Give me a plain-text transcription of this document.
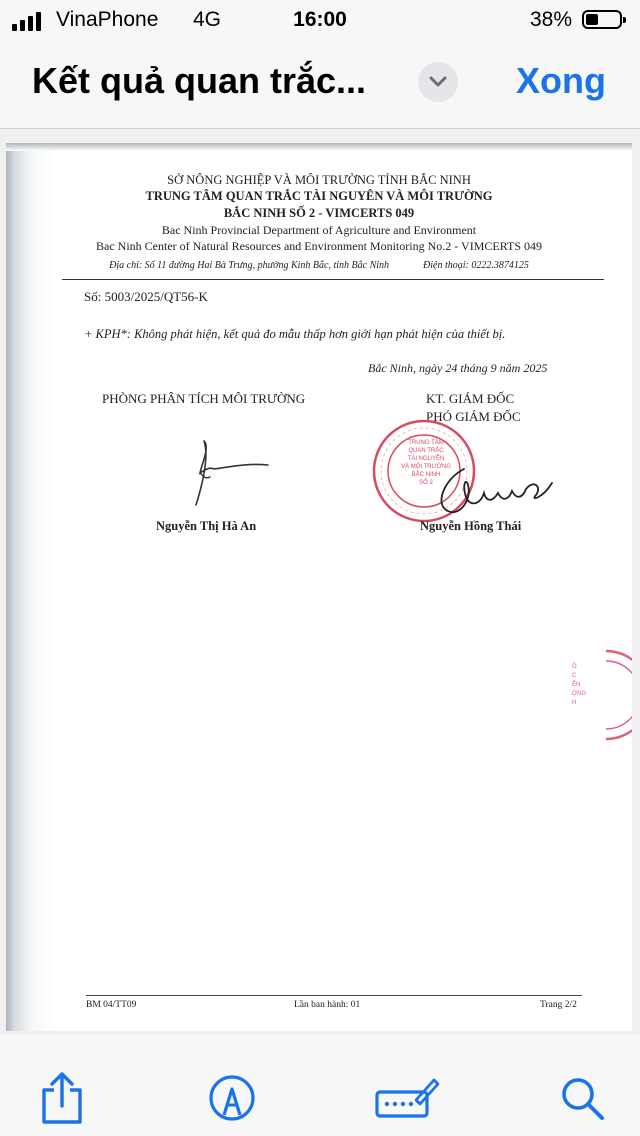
VinaPhone 4G	16:00	38%
Kết quả quan trắc...	Xong
SỞ NÔNG NGHIỆP VÀ MÔI TRƯỜNG TỈNH BẮC NINH
TRUNG TÂM QUAN TRẮC TÀI NGUYÊN VÀ MÔI TRƯỜNG
BẮC NINH SỐ 2 - VIMCERTS 049
Bac Ninh Provincial Department of Agriculture and Environment
Bac Ninh Center of Natural Resources and Environment Monitoring No.2 - VIMCERTS 049
Địa chỉ: Số 11 đường Hai Bà Trưng, phường Kinh Bắc, tỉnh Bắc Ninh	Điện thoại: 0222.3874125
Số: 5003/2025/QT56-K
+ KPH*: Không phát hiện, kết quả đo mẫu thấp hơn giới hạn phát hiện của thiết bị.
Bắc Ninh, ngày 24 tháng 9 năm 2025
PHÒNG PHÂN TÍCH MÔI TRƯỜNG	KT. GIÁM ĐỐC
PHÓ GIÁM ĐỐC
TRUNG TÂM
QUAN TRẮC
TÀI NGUYÊN
VÀ MÔI TRƯỜNG
BẮC NINH
SỐ 2
Ô
C
ÊN
ỜNG
H
Nguyễn Thị Hà An	Nguyễn Hồng Thái
BM 04/TT09	Lần ban hành: 01	Trang 2/2
